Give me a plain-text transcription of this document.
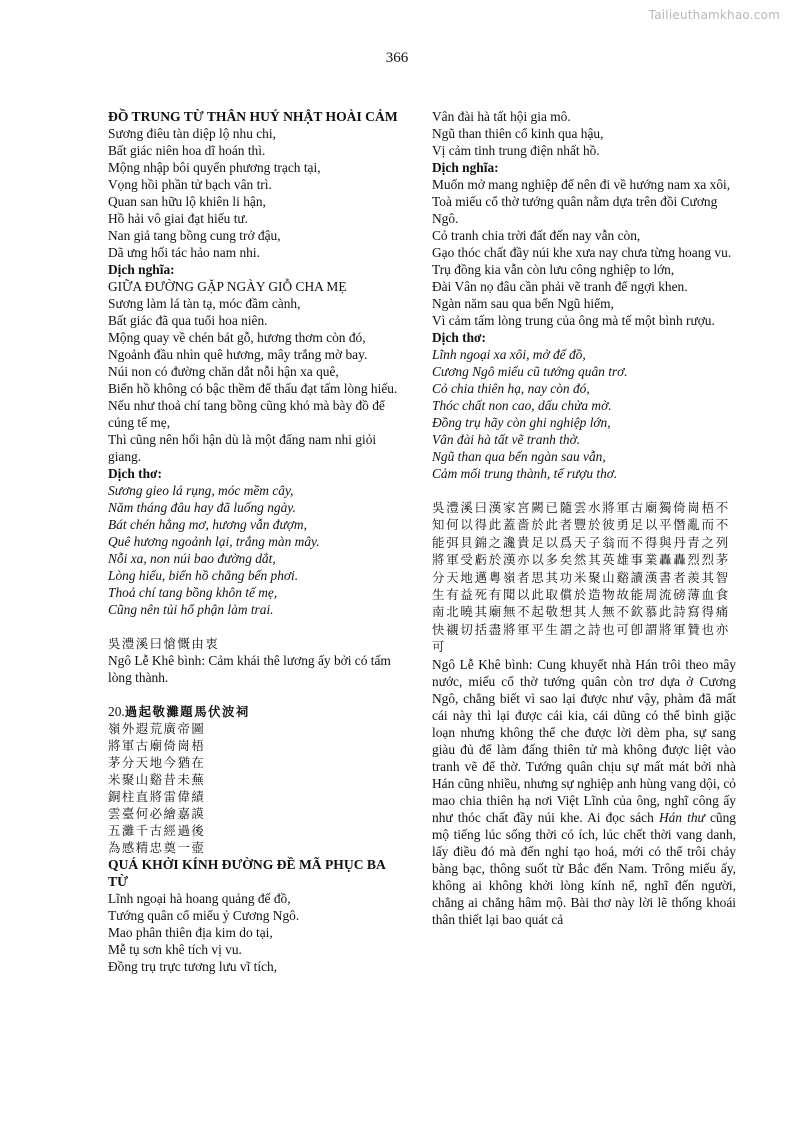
Tailieuthamkhao.com
366
ĐỒ TRUNG TỪ THÂN HUÝ NHẬT HOÀI CẢM
Sương điêu tàn diệp lộ nhu chi,
Bất giác niên hoa dĩ hoán thì.
Mộng nhập bôi quyển phương trạch tại,
Vọng hồi phần tử bạch vân trì.
Quan san hữu lộ khiên li hận,
Hồ hải vô giai đạt hiếu tư.
Nan giả tang bồng cung trở đậu,
Dã ưng hối tác hảo nam nhi.
Dịch nghĩa:
GIỮA ĐƯỜNG GẶP NGÀY GIỖ CHA MẸ
Sương làm lá tàn tạ, móc đầm cành,
Bất giác đã qua tuổi hoa niên.
Mộng quay về chén bát gỗ, hương thơm còn đó,
Ngoảnh đầu nhìn quê hương, mây trắng mờ bay.
Núi non có đường chăn dắt nỗi hận xa quê,
Biển hồ không có bậc thềm để thấu đạt tấm lòng hiếu.
Nếu như thoả chí tang bồng cũng khó mà bày đồ để cúng tế mẹ,
Thì cũng nên hối hận dù là một đấng nam nhi giỏi giang.
Dịch thơ:
Sương gieo lá rụng, móc mềm cây,
Năm tháng đâu hay đã luống ngày.
Bát chén hằng mơ, hương vẫn đượm,
Quê hương ngoảnh lại, trắng màn mây.
Nỗi xa, non núi bao đường dắt,
Lòng hiếu, biển hồ chẳng bến phơi.
Thoả chí tang bồng khôn tế mẹ,
Cũng nên tủi hổ phận làm trai.
吳澧溪曰愴慨由衷
Ngô Lễ Khê bình: Cảm khái thê lương ấy bởi có tấm lòng thành.
20.過起敬灘題馬伏波祠
嶺外遐荒廣帝圖
將軍古廟倚崗梧
茅分天地今猶在
米聚山谿昔未蕪
銅柱直將雷偉績
雲臺何必繪嘉謨
五灘千古經過後
為感精忠奠一壺
QUÁ KHỞI KÍNH ĐƯỜNG ĐỀ MÃ PHỤC BA TỪ
Lĩnh ngoại hà hoang quảng đế đồ,
Tướng quân cổ miếu ỷ Cương Ngô.
Mao phân thiên địa kim do tại,
Mễ tụ sơn khê tích vị vu.
Đồng trụ trực tương lưu vĩ tích,
Vân đài hà tất hội gia mô.
Ngũ than thiên cổ kinh qua hậu,
Vị cảm tinh trung điện nhất hồ.
Dịch nghĩa:
Muốn mở mang nghiệp đế nên đi về hướng nam xa xôi,
Toà miếu cổ thờ tướng quân nằm dựa trên đồi Cương Ngô.
Cỏ tranh chia trời đất đến nay vẫn còn,
Gạo thóc chất đầy núi khe xưa nay chưa từng hoang vu.
Trụ đồng kia vẫn còn lưu công nghiệp to lớn,
Đài Vân nọ đâu cần phải vẽ tranh để ngợi khen.
Ngàn năm sau qua bến Ngũ hiểm,
Vì cảm tấm lòng trung của ông mà tế một bình rượu.
Dịch thơ:
Lĩnh ngoại xa xôi, mở đế đồ,
Cương Ngô miếu cũ tướng quân trơ.
Cỏ chia thiên hạ, nay còn đó,
Thóc chất non cao, dấu chửa mờ.
Đồng trụ hãy còn ghi nghiệp lớn,
Vân đài hà tất vẽ tranh thờ.
Ngũ than qua bến ngàn sau vẫn,
Cảm mối trung thành, tế rượu thơ.
吳澧溪曰漢家宮闕已隨雲水將軍古廟獨倚崗梧不知何以得此蓋嗇於此者豐於彼勇足以平僭亂而不能弭貝錦之讒貴足以爲天子翁而不得與丹青之列將軍受虧於漢亦以多矣然其英雄事業轟轟烈烈茅分天地邁粵嶺者思其功米聚山谿讀漢書者羨其智生有益死有聞以此取償於造物故能周流磅薄血食南北曉其廟無不起敬想其人無不欽慕此詩寫得痛快襯切括盡將軍平生謂之詩也可卽謂將軍贊也亦可
Ngô Lễ Khê bình: Cung khuyết nhà Hán trôi theo mây nước, miếu cổ thờ tướng quân còn trơ dựa ở Cương Ngô, chẳng biết vì sao lại được như vậy, phàm đã mất cái này thì lại được cái kia, cái dũng có thể bình giặc loạn nhưng không thể che được lời dèm pha, sự sang giàu đủ để làm đấng thiên tử mà không được liệt vào tranh vẽ để thờ. Tướng quân chịu sự mất mát bởi nhà Hán cũng nhiều, nhưng sự nghiệp anh hùng vang dội, cỏ mao chia thiên hạ nơi Việt Lĩnh của ông, nghĩ công ấy như thóc chất đầy núi khe. Ai đọc sách Hán thư cũng mộ tiếng lúc sống thời có ích, lúc chết thời vang danh, lấy điều đó mà đến nghỉ tạo hoá, mới có thể trôi chảy bàng bạc, thông suốt từ Bắc đến Nam. Trông miếu ấy, không ai không khởi lòng kính nể, nghĩ đến người, chẳng ai chẳng hâm mộ. Bài thơ này lời lẽ thống khoái thân thiết lại bao quát cả
